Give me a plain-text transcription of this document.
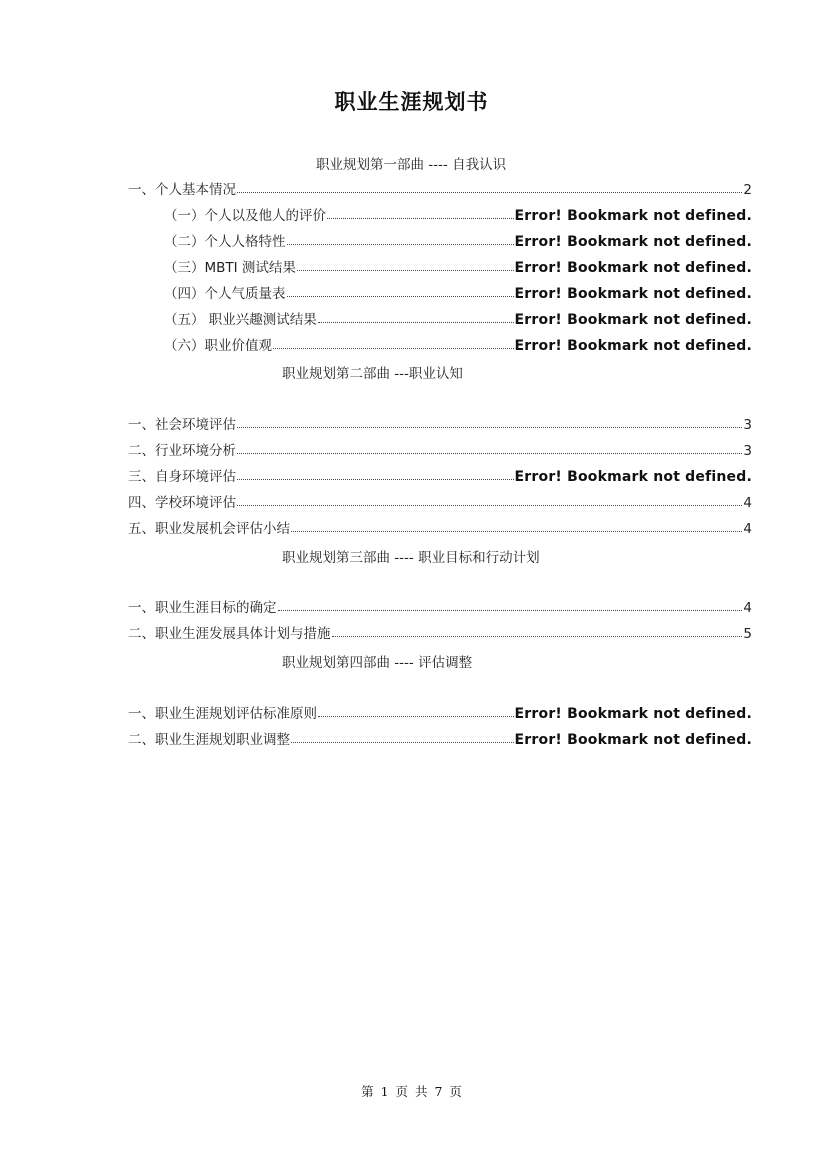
职业生涯规划书
职业规划第一部曲 ---- 自我认识
一、个人基本情况	2
（一）个人以及他人的评价	Error! Bookmark not defined.
（二）个人人格特性	Error! Bookmark not defined.
（三）MBTI 测试结果	Error! Bookmark not defined.
（四）个人气质量表	Error! Bookmark not defined.
（五） 职业兴趣测试结果	Error! Bookmark not defined.
（六）职业价值观	Error! Bookmark not defined.
职业规划第二部曲 ---职业认知
一、社会环境评估	3
二、行业环境分析	3
三、自身环境评估	Error! Bookmark not defined.
四、学校环境评估	4
五、职业发展机会评估小结	4
职业规划第三部曲 ---- 职业目标和行动计划
一、职业生涯目标的确定	4
二、职业生涯发展具体计划与措施	5
职业规划第四部曲 ---- 评估调整
一、职业生涯规划评估标准原则	Error! Bookmark not defined.
二、职业生涯规划职业调整	Error! Bookmark not defined.
第 1 页 共 7 页
